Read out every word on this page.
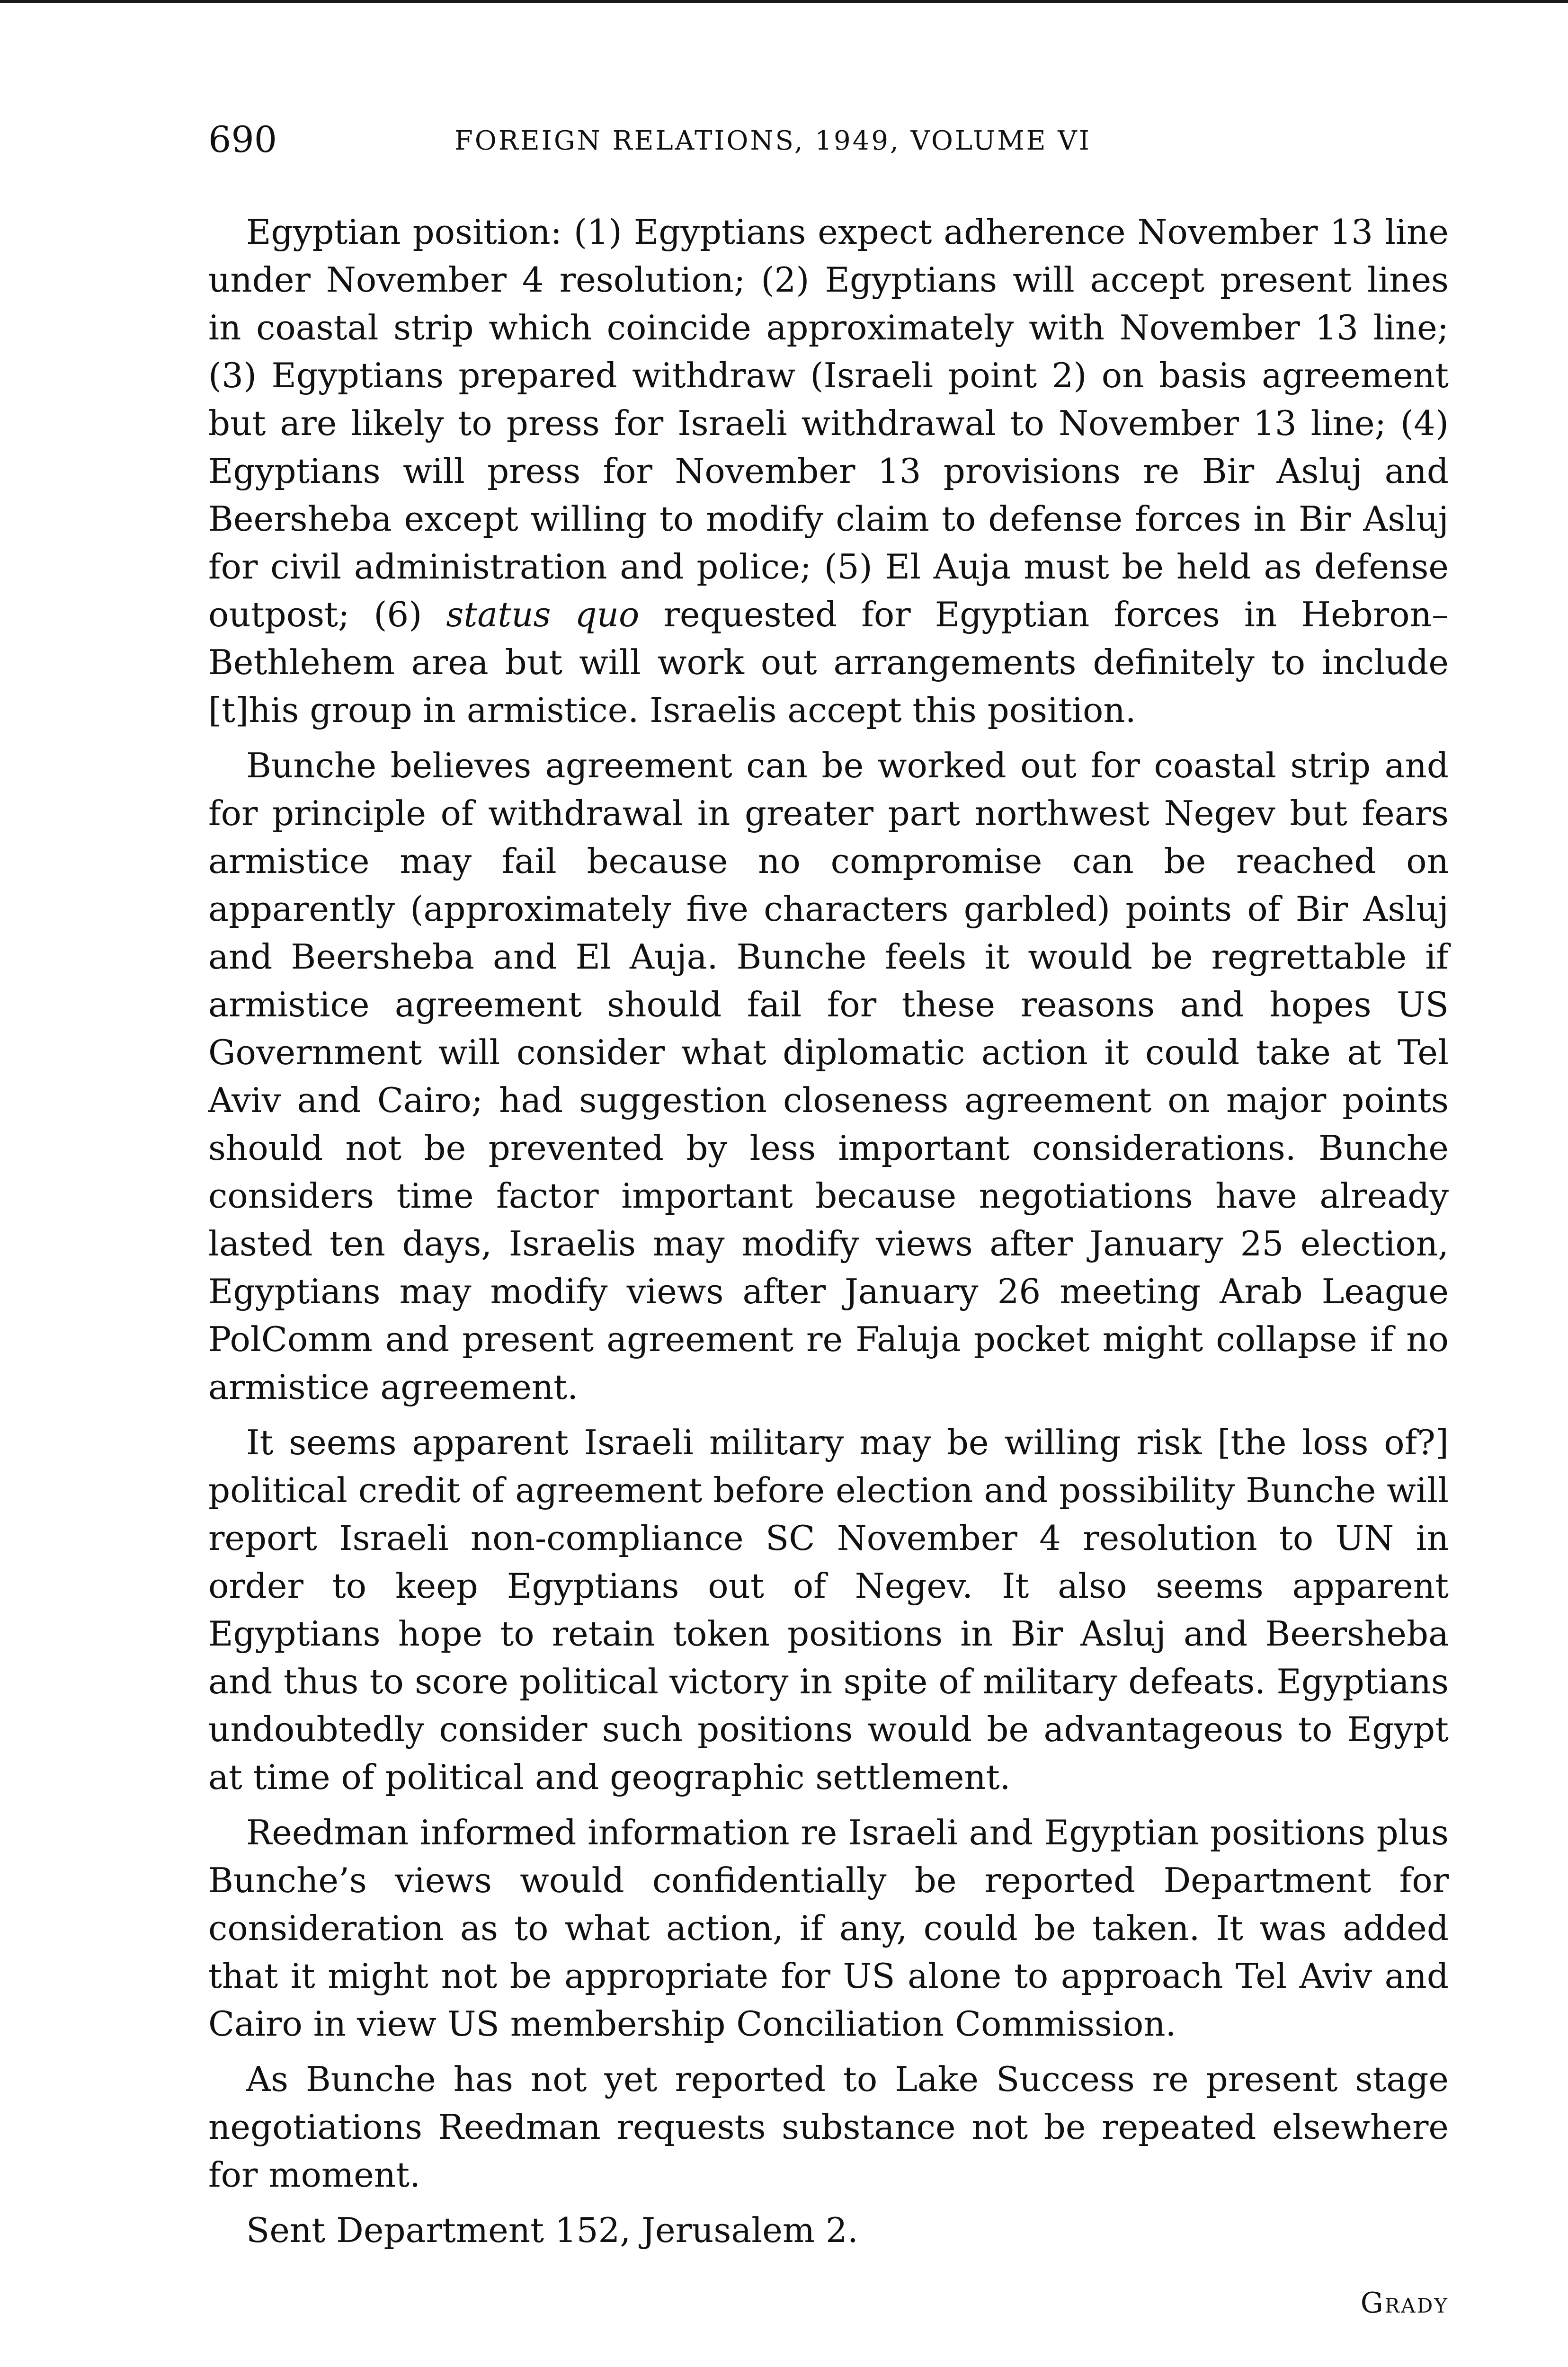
690	FOREIGN RELATIONS, 1949, VOLUME VI

Egyptian position: (1) Egyptians expect adherence November 13 line under November 4 resolution; (2) Egyptians will accept present lines in coastal strip which coincide approximately with November 13 line; (3) Egyptians prepared withdraw (Israeli point 2) on basis agreement but are likely to press for Israeli withdrawal to November 13 line; (4) Egyptians will press for November 13 provisions re Bir Asluj and Beersheba except willing to modify claim to defense forces in Bir Asluj for civil administration and police; (5) El Auja must be held as defense outpost; (6) status quo requested for Egyptian forces in Hebron–Bethlehem area but will work out arrangements definitely to include [t]his group in armistice. Israelis accept this position.

Bunche believes agreement can be worked out for coastal strip and for principle of withdrawal in greater part northwest Negev but fears armistice may fail because no compromise can be reached on apparently (approximately five characters garbled) points of Bir Asluj and Beersheba and El Auja. Bunche feels it would be regrettable if armistice agreement should fail for these reasons and hopes US Government will consider what diplomatic action it could take at Tel Aviv and Cairo; had suggestion closeness agreement on major points should not be prevented by less important considerations. Bunche considers time factor important because negotiations have already lasted ten days, Israelis may modify views after January 25 election, Egyptians may modify views after January 26 meeting Arab League PolComm and present agreement re Faluja pocket might collapse if no armistice agreement.

It seems apparent Israeli military may be willing risk [the loss of?] political credit of agreement before election and possibility Bunche will report Israeli non-compliance SC November 4 resolution to UN in order to keep Egyptians out of Negev. It also seems apparent Egyptians hope to retain token positions in Bir Asluj and Beersheba and thus to score political victory in spite of military defeats. Egyptians undoubtedly consider such positions would be advantageous to Egypt at time of political and geographic settlement.

Reedman informed information re Israeli and Egyptian positions plus Bunche’s views would confidentially be reported Department for consideration as to what action, if any, could be taken. It was added that it might not be appropriate for US alone to approach Tel Aviv and Cairo in view US membership Conciliation Commission.

As Bunche has not yet reported to Lake Success re present stage negotiations Reedman requests substance not be repeated elsewhere for moment.

Sent Department 152, Jerusalem 2.

Grady
